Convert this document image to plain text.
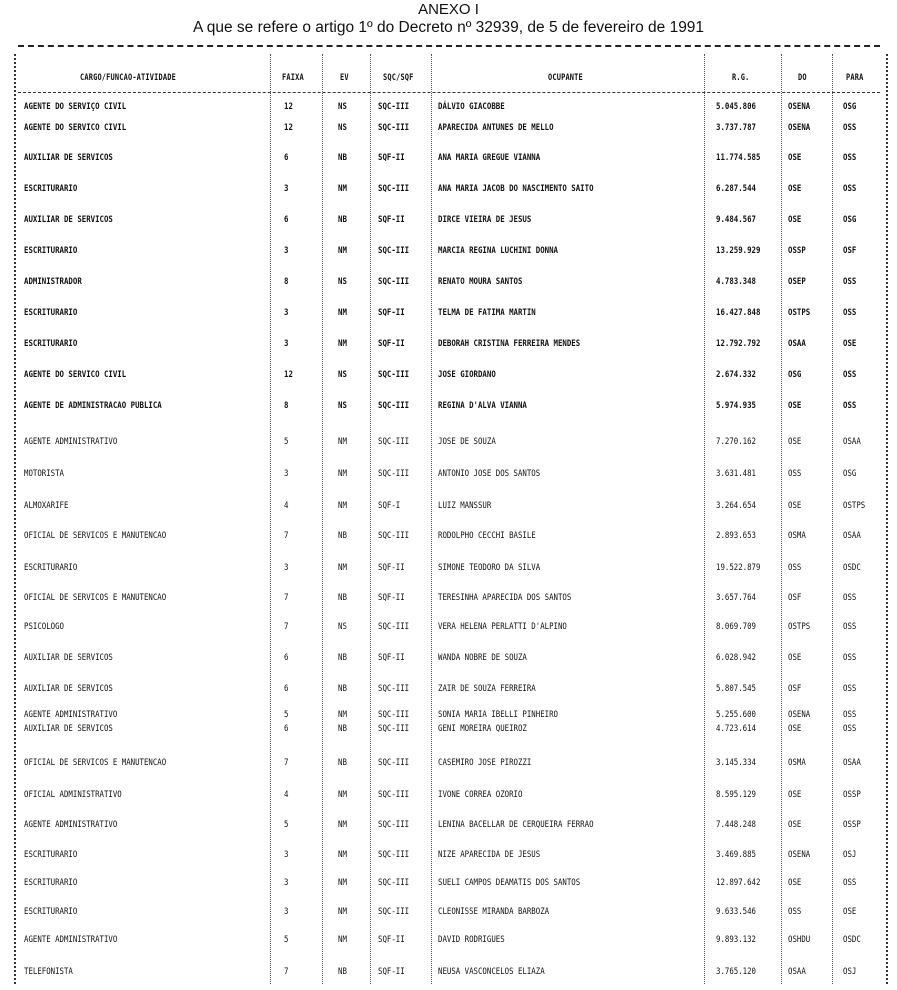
ANEXO I
A que se refere o artigo 1º do Decreto nº 32939, de 5 de fevereiro de 1991
CARGO/FUNCAO-ATIVIDADE	FAIXA	EV	SQC/SQF	OCUPANTE	R.G.	DO	PARA
AGENTE DO SERVIÇO CIVIL	12	NS	SQC-III	DÁLVIO GIACOBBE	5.045.806	OSENA	OSG
AGENTE DO SERVICO CIVIL	12	NS	SQC-III	APARECIDA ANTUNES DE MELLO	3.737.787	OSENA	OSS
AUXILIAR DE SERVICOS	6	NB	SQF-II	ANA MARIA GREGUE VIANNA	11.774.585	OSE	OSS
ESCRITURARIO	3	NM	SQC-III	ANA MARIA JACOB DO NASCIMENTO SAITO	6.287.544	OSE	OSS
AUXILIAR DE SERVICOS	6	NB	SQF-II	DIRCE VIEIRA DE JESUS	9.484.567	OSE	OSG
ESCRITURARIO	3	NM	SQC-III	MARCIA REGINA LUCHINI DONNA	13.259.929	OSSP	OSF
ADMINISTRADOR	8	NS	SQC-III	RENATO MOURA SANTOS	4.783.348	OSEP	OSS
ESCRITURARIO	3	NM	SQF-II	TELMA DE FATIMA MARTIN	16.427.848	OSTPS	OSS
ESCRITURARIO	3	NM	SQF-II	DEBORAH CRISTINA FERREIRA MENDES	12.792.792	OSAA	OSE
AGENTE DO SERVICO CIVIL	12	NS	SQC-III	JOSE GIORDANO	2.674.332	OSG	OSS
AGENTE DE ADMINISTRACAO PUBLICA	8	NS	SQC-III	REGINA D'ALVA VIANNA	5.974.935	OSE	OSS
AGENTE ADMINISTRATIVO	5	NM	SQC-III	JOSE DE SOUZA	7.270.162	OSE	OSAA
MOTORISTA	3	NM	SQC-III	ANTONIO JOSE DOS SANTOS	3.631.481	OSS	OSG
ALMOXARIFE	4	NM	SQF-I	LUIZ MANSSUR	3.264.654	OSE	OSTPS
OFICIAL DE SERVICOS E MANUTENCAO	7	NB	SQC-III	RODOLPHO CECCHI BASILE	2.893.653	OSMA	OSAA
ESCRITURARIO	3	NM	SQF-II	SIMONE TEODORO DA SILVA	19.522.879	OSS	OSDC
OFICIAL DE SERVICOS E MANUTENCAO	7	NB	SQF-II	TERESINHA APARECIDA DOS SANTOS	3.657.764	OSF	OSS
PSICOLOGO	7	NS	SQC-III	VERA HELENA PERLATTI D'ALPINO	8.069.709	OSTPS	OSS
AUXILIAR DE SERVICOS	6	NB	SQF-II	WANDA NOBRE DE SOUZA	6.028.942	OSE	OSS
AUXILIAR DE SERVICOS	6	NB	SQC-III	ZAIR DE SOUZA FERREIRA	5.807.545	OSF	OSS
AGENTE ADMINISTRATIVO	5	NM	SQC-III	SONIA MARIA IBELLI PINHEIRO	5.255.600	OSENA	OSS
AUXILIAR DE SERVICOS	6	NB	SQC-III	GENI MOREIRA QUEIROZ	4.723.614	OSE	OSS
OFICIAL DE SERVICOS E MANUTENCAO	7	NB	SQC-III	CASEMIRO JOSE PIROZZI	3.145.334	OSMA	OSAA
OFICIAL ADMINISTRATIVO	4	NM	SQC-III	IVONE CORREA OZORIO	8.595.129	OSE	OSSP
AGENTE ADMINISTRATIVO	5	NM	SQC-III	LENINA BACELLAR DE CERQUEIRA FERRAO	7.448.248	OSE	OSSP
ESCRITURARIO	3	NM	SQC-III	NIZE APARECIDA DE JESUS	3.469.885	OSENA	OSJ
ESCRITURARIO	3	NM	SQC-III	SUELI CAMPOS DEAMATIS DOS SANTOS	12.897.642	OSE	OSS
ESCRITURARIO	3	NM	SQC-III	CLEONISSE MIRANDA BARBOZA	9.633.546	OSS	OSE
AGENTE ADMINISTRATIVO	5	NM	SQF-II	DAVID RODRIGUES	9.893.132	OSHDU	OSDC
TELEFONISTA	7	NB	SQF-II	NEUSA VASCONCELOS ELIAZA	3.765.120	OSAA	OSJ
